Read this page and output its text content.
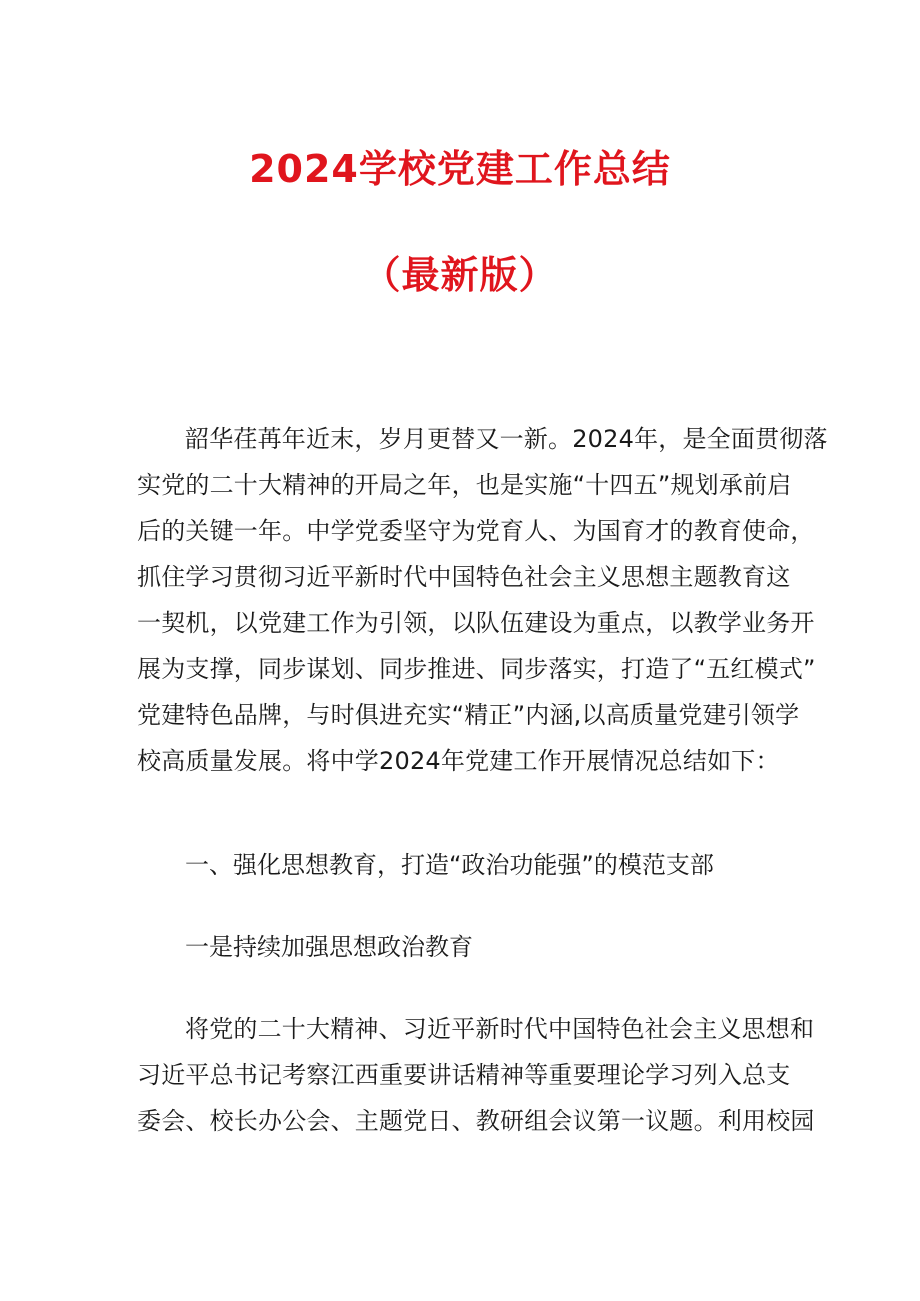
2024学校党建工作总结
（最新版）
韶华荏苒年近末，岁月更替又一新。2024年，是全面贯彻落
实党的二十大精神的开局之年，也是实施“十四五”规划承前启
后的关键一年。中学党委坚守为党育人、为国育才的教育使命，
抓住学习贯彻习近平新时代中国特色社会主义思想主题教育这
一契机，以党建工作为引领，以队伍建设为重点，以教学业务开
展为支撑，同步谋划、同步推进、同步落实，打造了“五红模式”
党建特色品牌，与时俱进充实“精正”内涵,以高质量党建引领学
校高质量发展。将中学2024年党建工作开展情况总结如下：
一、强化思想教育，打造“政治功能强”的模范支部
一是持续加强思想政治教育
将党的二十大精神、习近平新时代中国特色社会主义思想和
习近平总书记考察江西重要讲话精神等重要理论学习列入总支
委会、校长办公会、主题党日、教研组会议第一议题。利用校园
